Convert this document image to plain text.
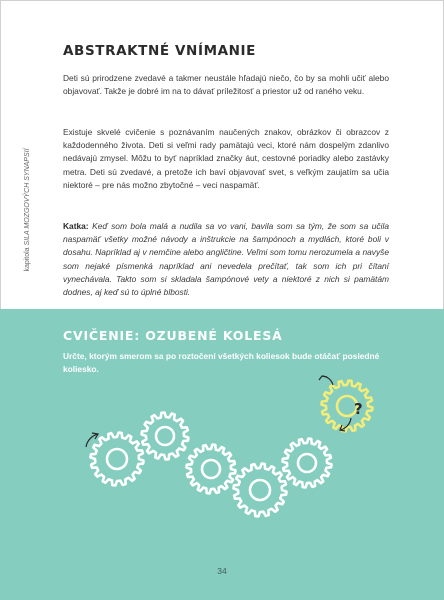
ABSTRAKTNÉ VNÍMANIE
kapitola SILA MOZGOVÝCH SYNAPSIÍ

Deti sú prirodzene zvedavé a takmer neustále hľadajú niečo, čo by sa mohli učiť alebo objavovať. Takže je dobré im na to dávať príležitosť a priestor už od raného veku.

Existuje skvelé cvičenie s poznávaním naučených znakov, obrázkov či obrazcov z každodenného života. Deti si veľmi rady pamätajú veci, ktoré nám dospelým zdanlivo nedávajú zmysel. Môžu to byť napríklad značky áut, cestovné poriadky alebo zastávky metra. Deti sú zvedavé, a pretože ich baví objavovať svet, s veľkým zaujatím sa učia niektoré – pre nás možno zbytočné – veci naspamäť.

Katka: Keď som bola malá a nudila sa vo vani, bavila som sa tým, že som sa učila naspamäť všetky možné návody a inštrukcie na šampónoch a mydlách, ktoré boli v dosahu. Napríklad aj v nemčine alebo angličtine. Veľmi som tomu nerozumela a navyše som nejaké písmenká napríklad ani nevedela prečítať, tak som ich pri čítaní vynechávala. Takto som si skladala šampónové vety a niektoré z nich si pamätám dodnes, aj keď sú to úplné blbosti.

CVIČENIE: OZUBENÉ KOLESÁ

Určte, ktorým smerom sa po roztočení všetkých koliesok bude otáčať posledné koliesko.

?
34
